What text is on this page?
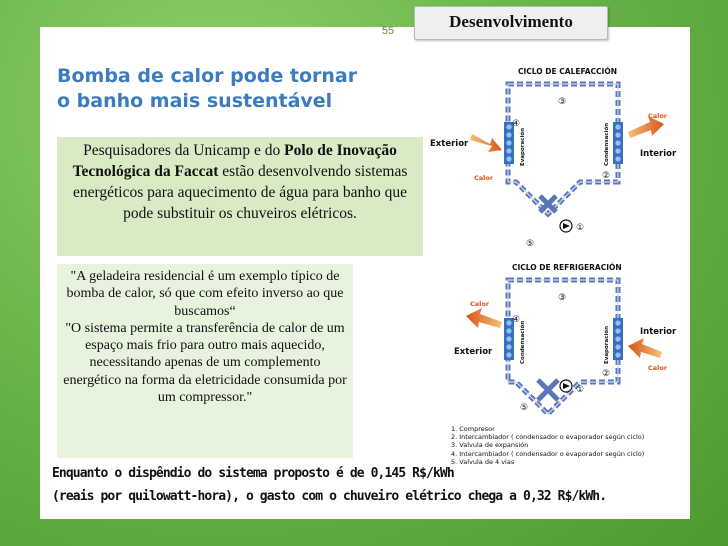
55	Desenvolvimento
Bomba de calor pode tornar
o banho mais sustentável
Pesquisadores da Unicamp e do Polo de Inovação Tecnológica da Faccat estão desenvolvendo sistemas energéticos para aquecimento de água para banho que pode substituir os chuveiros elétricos.
"A geladeira residencial é um exemplo típico de bomba de calor, só que com efeito inverso ao que buscamos“
"O sistema permite a transferência de calor de um espaço mais frio para outro mais aquecido, necessitando apenas de um complemento energético na forma da eletricidade consumida por um compressor."
Enquanto o dispêndio do sistema proposto é de 0,145 R$/kWh
(reais por quilowatt-hora), o gasto com o chuveiro elétrico chega a 0,32 R$/kWh.
CICLO DE CALEFACCIÓN
Evaporación	Condensación
Calor
Exterior
Calor
Interior
③
④
②
①
⑤
CICLO DE REFRIGERACIÓN
Condensación	Evaporación
Calor
Exterior
Interior
Calor
③
④
②
①
⑤
1. Compresor
2. Intercambiador ( condensador o evaporador según ciclo)
3. Valvula de expansión
4. Intercambiador ( condensador o evaporador según ciclo)
5. Valvula de 4 vias
